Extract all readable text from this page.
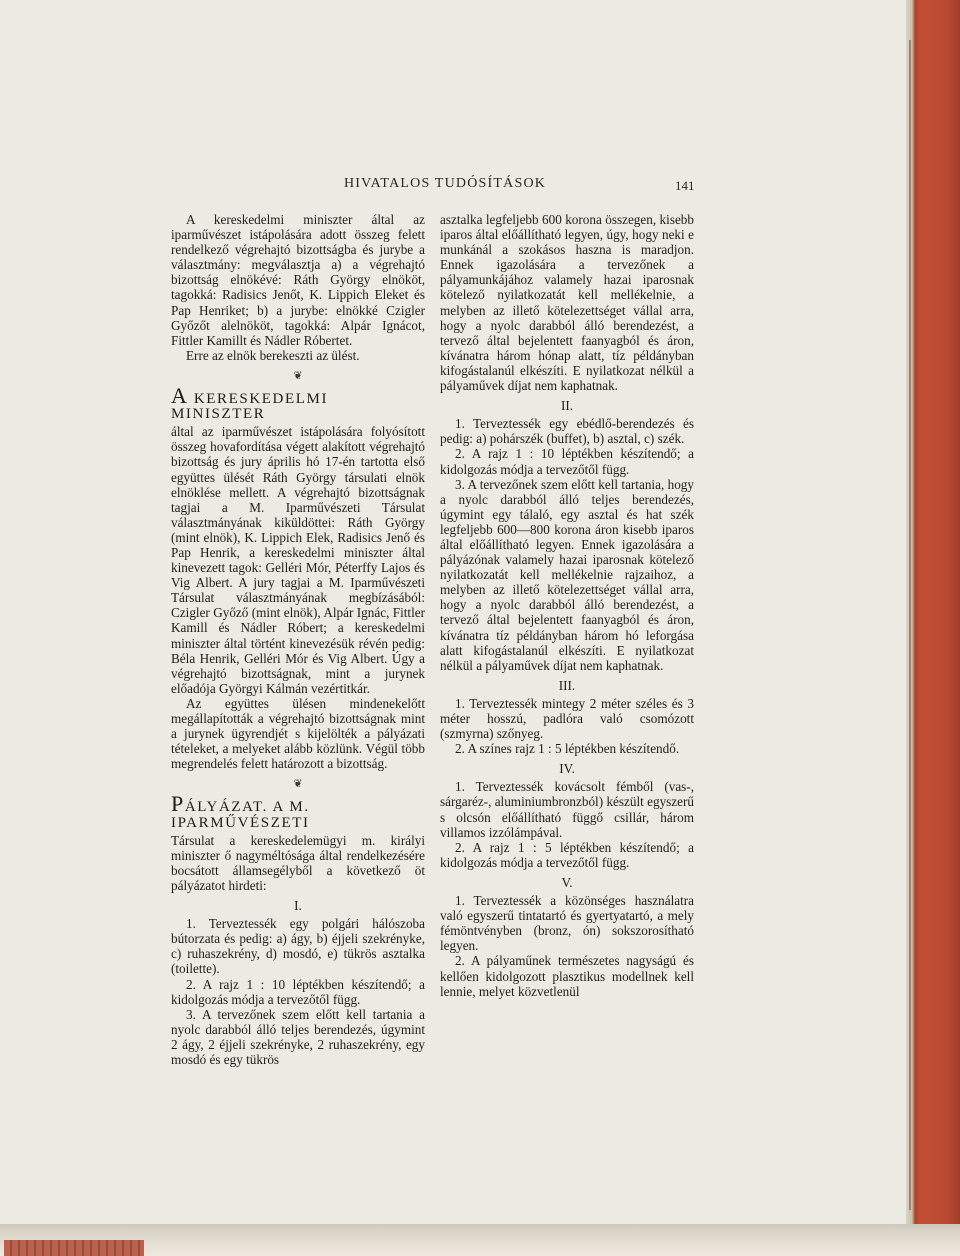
HIVATALOS TUDÓSÍTÁSOK	141

A kereskedelmi miniszter által az iparművészet istápolására adott összeg felett rendelkező végrehajtó bizottságba és jurybe a választmány: megválasztja a) a végrehajtó bizottság elnökévé: Ráth György elnököt, tagokká: Radisics Jenőt, K. Lippich Eleket és Pap Henriket; b) a jurybe: elnökké Czigler Győzőt alelnököt, tagokká: Alpár Ignácot, Fittler Kamillt és Nádler Róbertet.

Erre az elnök berekeszti az ülést.

❦
A KERESKEDELMI MINISZTER

által az iparművészet istápolására folyósított összeg hovafordítása végett alakított végrehajtó bizottság és jury április hó 17-én tartotta első együttes ülését Ráth György társulati elnök elnöklése mellett. A végrehajtó bizottságnak tagjai a M. Iparművészeti Társulat választmányának kiküldöttei: Ráth György (mint elnök), K. Lippich Elek, Radisics Jenő és Pap Henrik, a kereskedelmi miniszter által kinevezett tagok: Gelléri Mór, Péterffy Lajos és Vig Albert. A jury tagjai a M. Iparművészeti Társulat választmányának megbízásából: Czigler Győző (mint elnök), Alpár Ignác, Fittler Kamill és Nádler Róbert; a kereskedelmi miniszter által történt kinevezésük révén pedig: Béla Henrik, Gelléri Mór és Vig Albert. Úgy a végrehajtó bizottságnak, mint a jurynek előadója Györgyi Kálmán vezértitkár.

Az együttes ülésen mindenekelőtt megállapították a végrehajtó bizottságnak mint a jurynek ügyrendjét s kijelölték a pályázati tételeket, a melyeket alább közlünk. Végül több megrendelés felett határozott a bizottság.

❦
PÁLYÁZAT. A M. IPARMŰVÉSZETI

Társulat a kereskedelemügyi m. királyi miniszter ő nagyméltósága által rendelkezésére bocsátott államsegélyből a következő öt pályázatot hirdeti:

I.

1. Terveztessék egy polgári hálószoba bútorzata és pedig: a) ágy, b) éjjeli szekrényke, c) ruhaszekrény, d) mosdó, e) tükrös asztalka (toilette).

2. A rajz 1 : 10 léptékben készítendő; a kidolgozás módja a tervezőtől függ.

3. A tervezőnek szem előtt kell tartania a nyolc darabból álló teljes berendezés, úgymint 2 ágy, 2 éjjeli szekrényke, 2 ruhaszekrény, egy mosdó és egy tükrös

asztalka legfeljebb 600 korona összegen, kisebb iparos által előállítható legyen, úgy, hogy neki e munkánál a szokásos haszna is maradjon. Ennek igazolására a tervezőnek a pályamunkájához valamely hazai iparosnak kötelező nyilatkozatát kell mellékelnie, a melyben az illető kötelezettséget vállal arra, hogy a nyolc darabból álló berendezést, a tervező által bejelentett faanyagból és áron, kívánatra három hónap alatt, tíz példányban kifogástalanúl elkészíti. E nyilatkozat nélkül a pályaművek díjat nem kaphatnak.

II.

1. Terveztessék egy ebédlő-berendezés és pedig: a) pohárszék (buffet), b) asztal, c) szék.

2. A rajz 1 : 10 léptékben készítendő; a kidolgozás módja a tervezőtől függ.

3. A tervezőnek szem előtt kell tartania, hogy a nyolc darabból álló teljes berendezés, úgymint egy tálaló, egy asztal és hat szék legfeljebb 600—800 korona áron kisebb iparos által előállítható legyen. Ennek igazolására a pályázónak valamely hazai iparosnak kötelező nyilatkozatát kell mellékelnie rajzaihoz, a melyben az illető kötelezettséget vállal arra, hogy a nyolc darabból álló berendezést, a tervező által bejelentett faanyagból és áron, kívánatra tíz példányban három hó leforgása alatt kifogástalanúl elkészíti. E nyilatkozat nélkül a pályaművek díjat nem kaphatnak.

III.

1. Terveztessék mintegy 2 méter széles és 3 méter hosszú, padlóra való csomózott (szmyrna) szőnyeg.

2. A színes rajz 1 : 5 léptékben készítendő.

IV.

1. Terveztessék kovácsolt fémből (vas-, sárgaréz-, aluminiumbronzból) készült egyszerű s olcsón előállítható függő csillár, három villamos izzólámpával.

2. A rajz 1 : 5 léptékben készítendő; a kidolgozás módja a tervezőtől függ.

V.

1. Terveztessék a közönséges használatra való egyszerű tintatartó és gyertyatartó, a mely fémöntvényben (bronz, ón) sokszorosítható legyen.

2. A pályaműnek természetes nagyságú és kellően kidolgozott plasztikus modellnek kell lennie, melyet közvetlenül
